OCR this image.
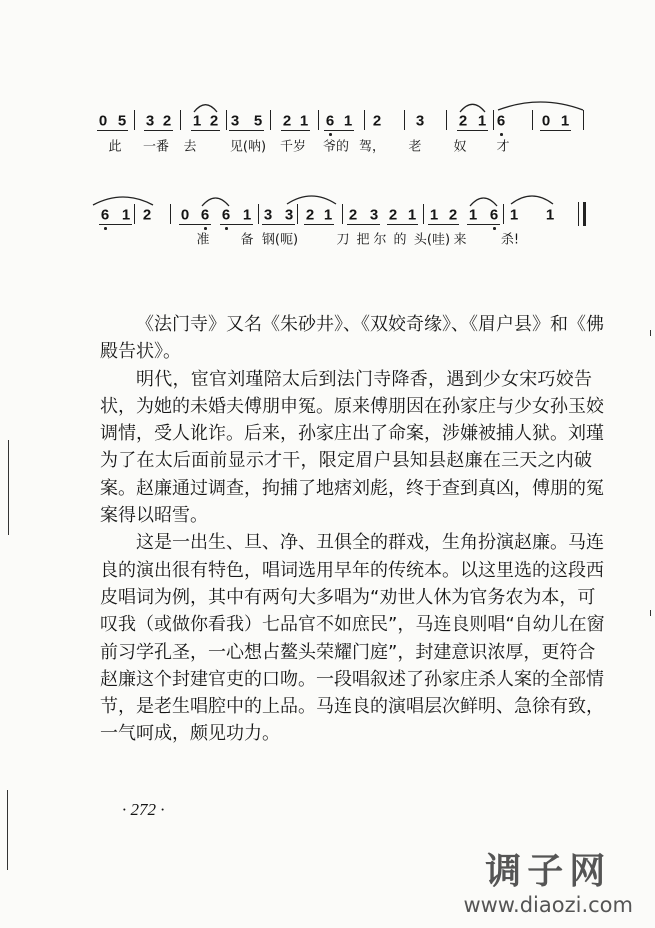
0 5 3 2 1 2 3 5 2 1 6 1 2 3 2 1 6 0 1
此 一番 去	见(呐) 千岁 爷的 驾， 老 奴 才
6 1 2 0 6 6 1 3 3 2 1 2 3 2 1 1 2 1 6 1 1
准 备 钢(呃)	刀 把 尔 的 头(哇) 来	杀!
《法门寺》又名《朱砂井》、《双姣奇缘》、《眉户县》和《佛
殿告状》。
明代，宦官刘瑾陪太后到法门寺降香，遇到少女宋巧姣告
状，为她的未婚夫傅朋申冤。原来傅朋因在孙家庄与少女孙玉姣
调情，受人讹诈。后来，孙家庄出了命案，涉嫌被捕人狱。刘瑾
为了在太后面前显示才干，限定眉户县知县赵廉在三天之内破
案。赵廉通过调查，拘捕了地痞刘彪，终于查到真凶，傅朋的冤
案得以昭雪。
这是一出生、旦、净、丑俱全的群戏，生角扮演赵廉。马连
良的演出很有特色，唱词选用早年的传统本。以这里选的这段西
皮唱词为例，其中有两句大多唱为“劝世人休为官务农为本，可
叹我（或做你看我）七品官不如庶民”，马连良则唱“自幼儿在窗
前习学孔圣，一心想占鳌头荣耀门庭”，封建意识浓厚，更符合
赵廉这个封建官吏的口吻。一段唱叙述了孙家庄杀人案的全部情
节，是老生唱腔中的上品。马连良的演唱层次鲜明、急徐有致，
一气呵成，颇见功力。
· 272 ·
调子网
www.diaozi.com
